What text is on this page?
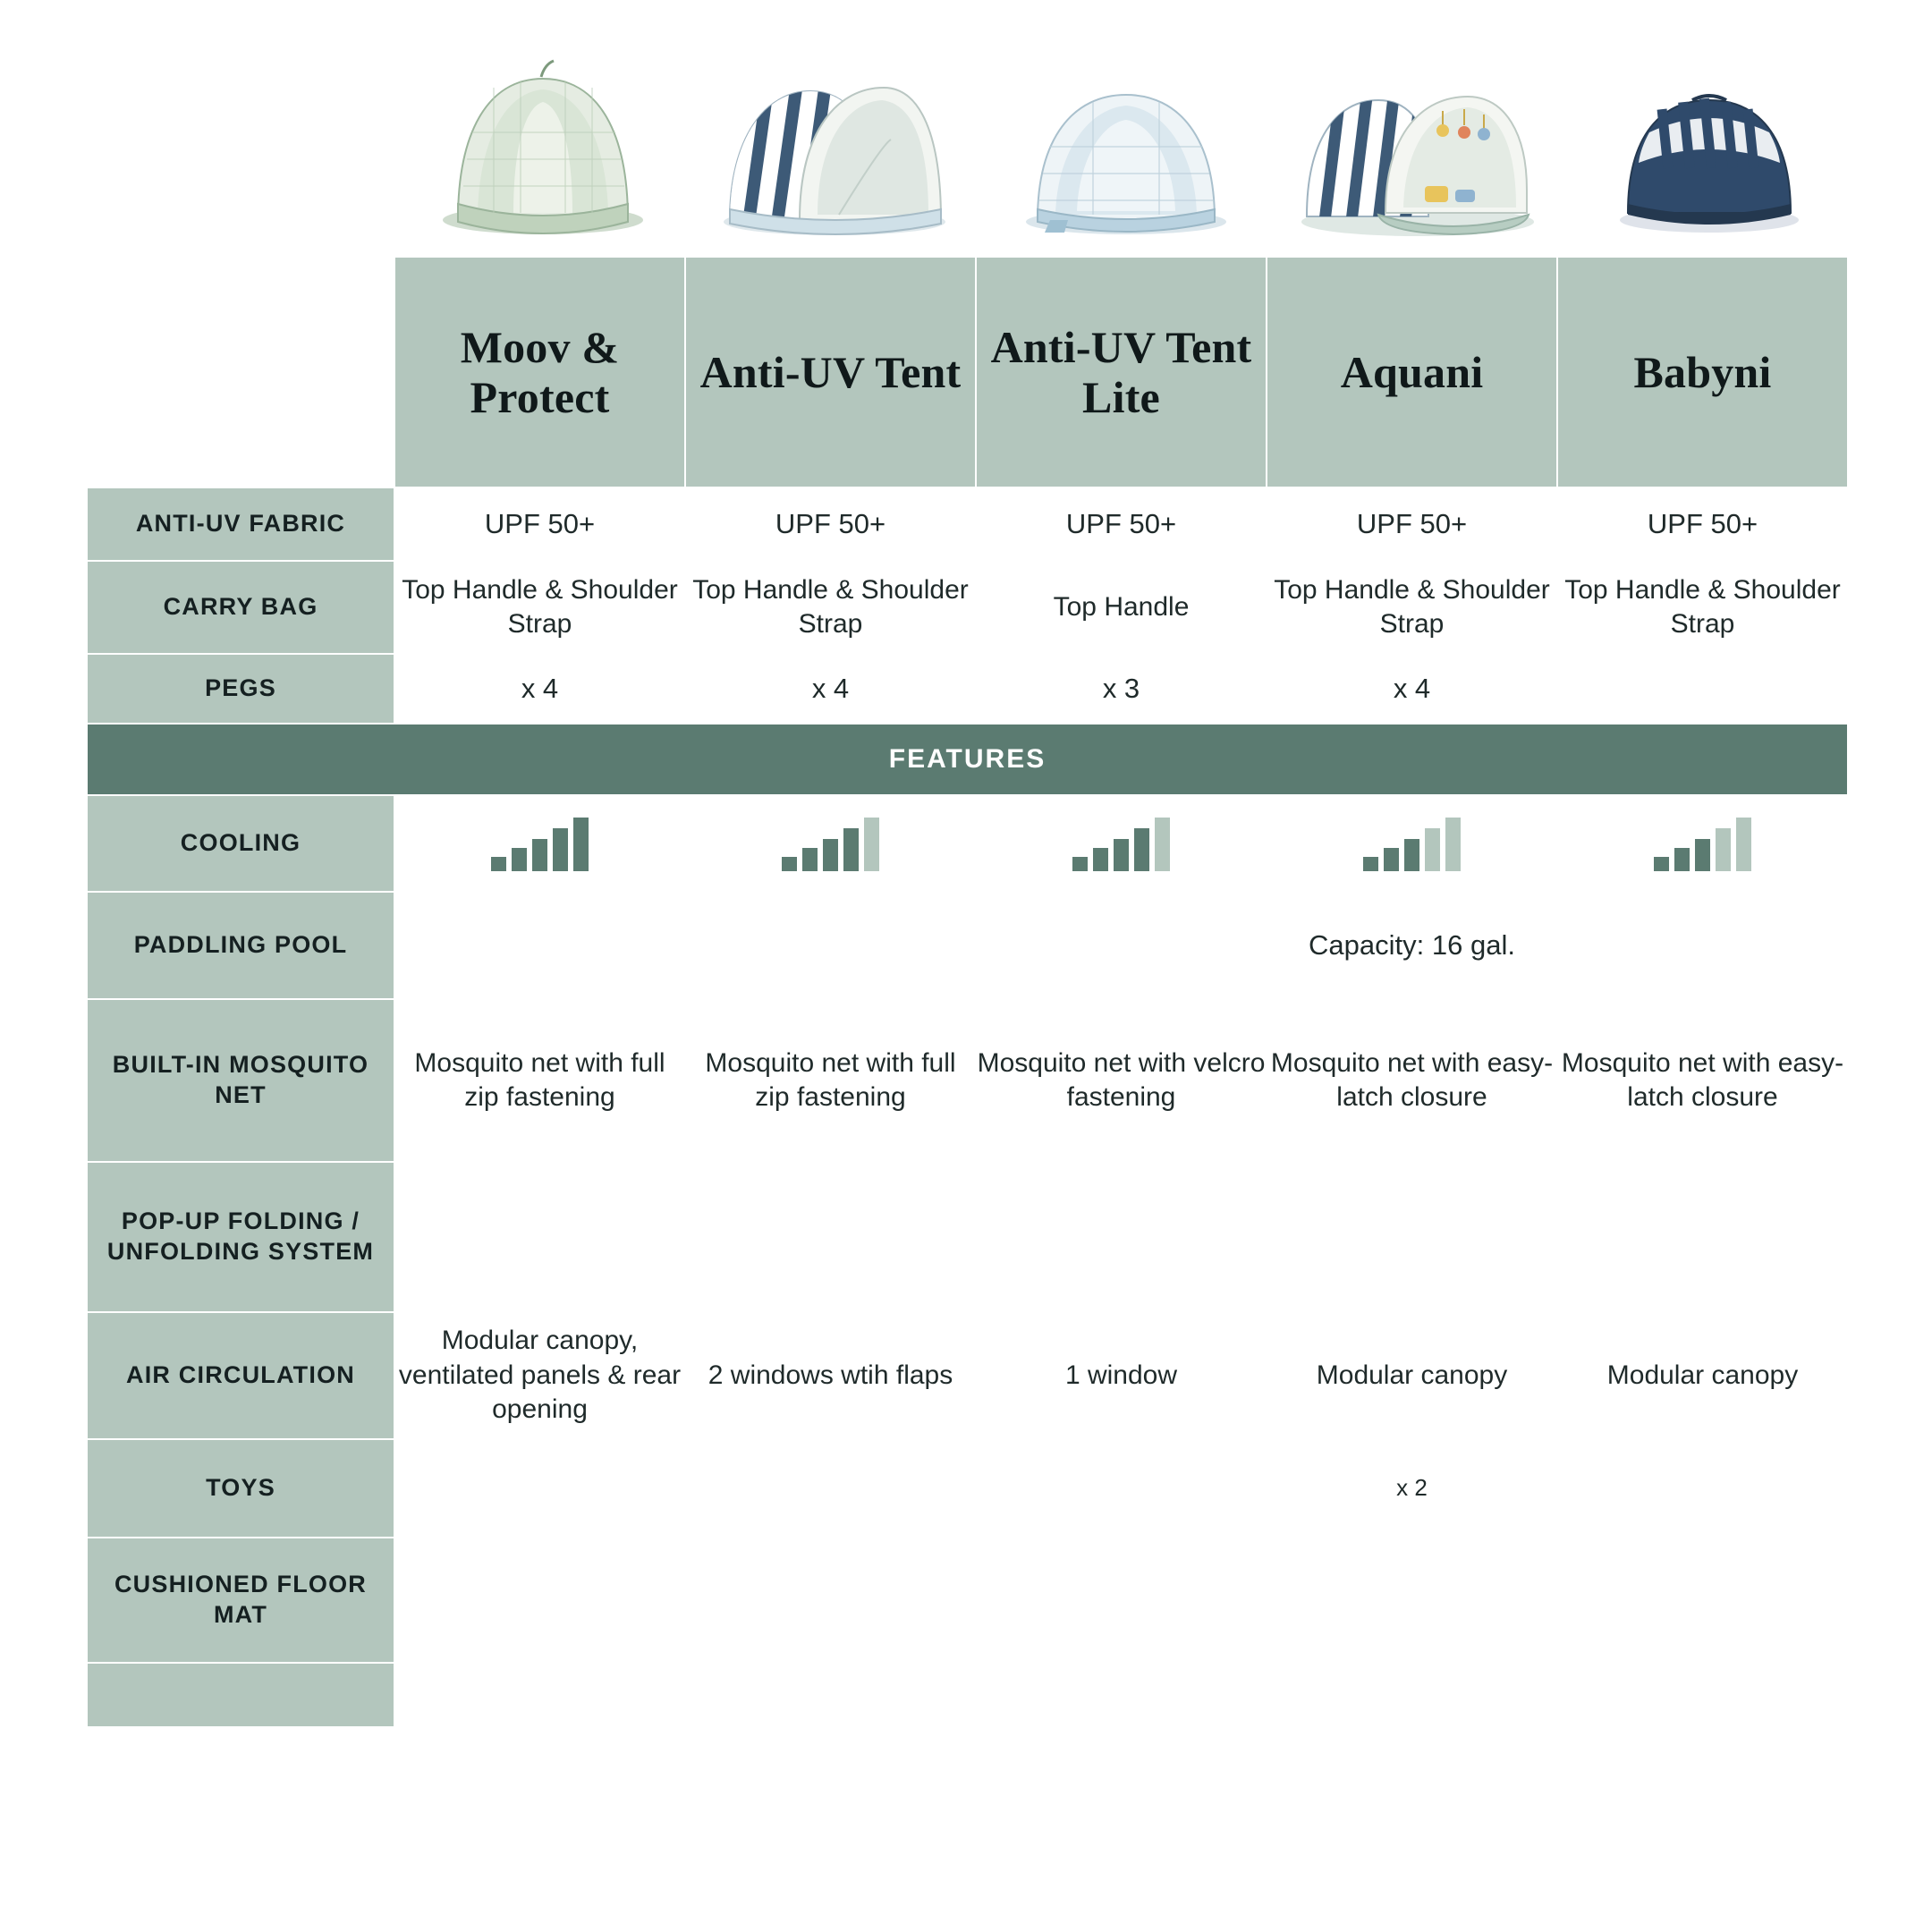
	Moov & Protect	Anti-UV Tent	Anti-UV Tent Lite	Aquani	Babyni
ANTI-UV FABRIC	UPF 50+	UPF 50+	UPF 50+	UPF 50+	UPF 50+
CARRY BAG	Top Handle & Shoulder Strap	Top Handle & Shoulder Strap	Top Handle	Top Handle & Shoulder Strap	Top Handle & Shoulder Strap
PEGS	x 4	x 4	x 3	x 4	
FEATURES					
COOLING	

PADDLING POOL				Capacity: 16 gal.	
BUILT-IN MOSQUITO NET	Mosquito net with full zip fastening	Mosquito net with full zip fastening	Mosquito net with velcro fastening	Mosquito net with easy-latch closure	Mosquito net with easy-latch closure
POP-UP FOLDING / UNFOLDING SYSTEM					
AIR CIRCULATION	Modular canopy, ventilated panels & rear opening	2 windows wtih flaps	1 window	Modular canopy	Modular canopy
TOYS				x 2	
CUSHIONED FLOOR MAT					
